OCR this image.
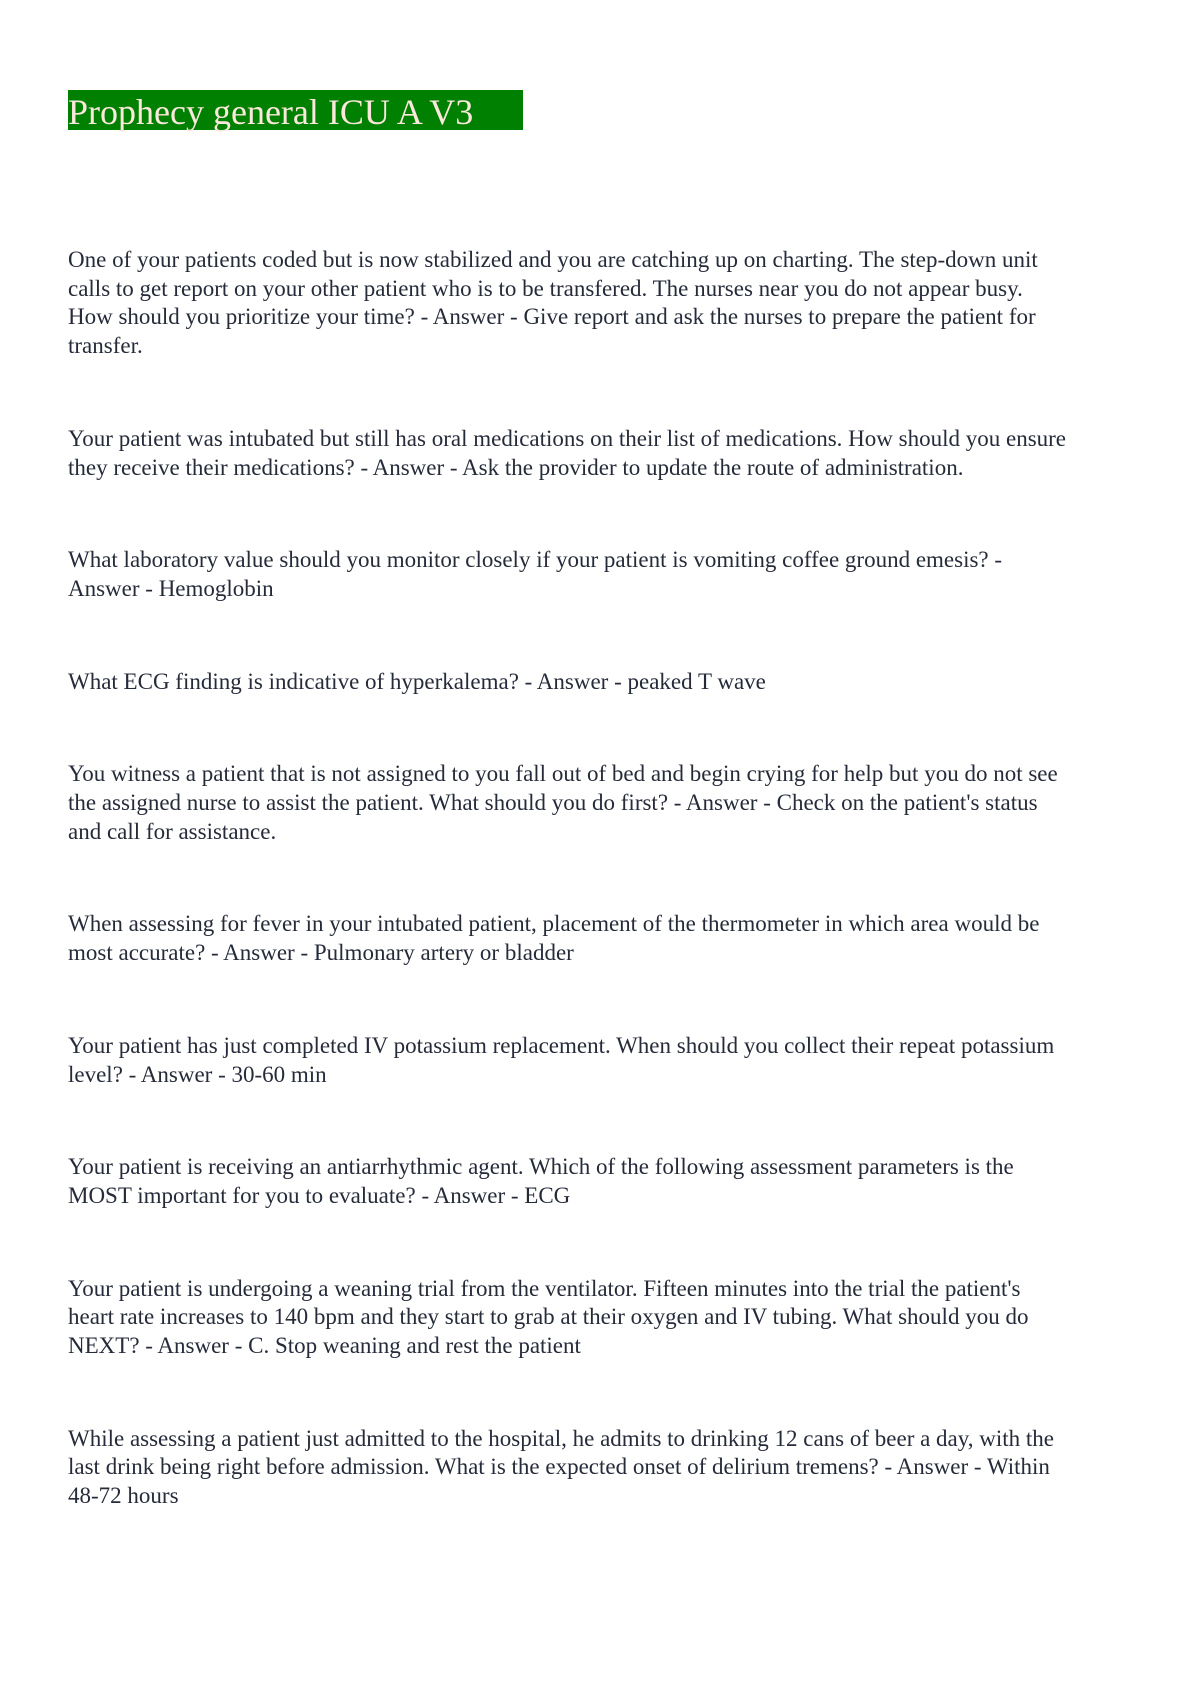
Prophecy general ICU A V3

One of your patients coded but is now stabilized and you are catching up on charting. The step-down unit
calls to get report on your other patient who is to be transfered. The nurses near you do not appear busy.
How should you prioritize your time? - Answer - Give report and ask the nurses to prepare the patient for
transfer.

Your patient was intubated but still has oral medications on their list of medications. How should you ensure
they receive their medications? - Answer - Ask the provider to update the route of administration.

What laboratory value should you monitor closely if your patient is vomiting coffee ground emesis? -
Answer - Hemoglobin

What ECG finding is indicative of hyperkalema? - Answer - peaked T wave

You witness a patient that is not assigned to you fall out of bed and begin crying for help but you do not see
the assigned nurse to assist the patient. What should you do first? - Answer - Check on the patient's status
and call for assistance.

When assessing for fever in your intubated patient, placement of the thermometer in which area would be
most accurate? - Answer - Pulmonary artery or bladder

Your patient has just completed IV potassium replacement. When should you collect their repeat potassium
level? - Answer - 30-60 min

Your patient is receiving an antiarrhythmic agent. Which of the following assessment parameters is the
MOST important for you to evaluate? - Answer - ECG

Your patient is undergoing a weaning trial from the ventilator. Fifteen minutes into the trial the patient's
heart rate increases to 140 bpm and they start to grab at their oxygen and IV tubing. What should you do
NEXT? - Answer - C. Stop weaning and rest the patient

While assessing a patient just admitted to the hospital, he admits to drinking 12 cans of beer a day, with the
last drink being right before admission. What is the expected onset of delirium tremens? - Answer - Within
48-72 hours
